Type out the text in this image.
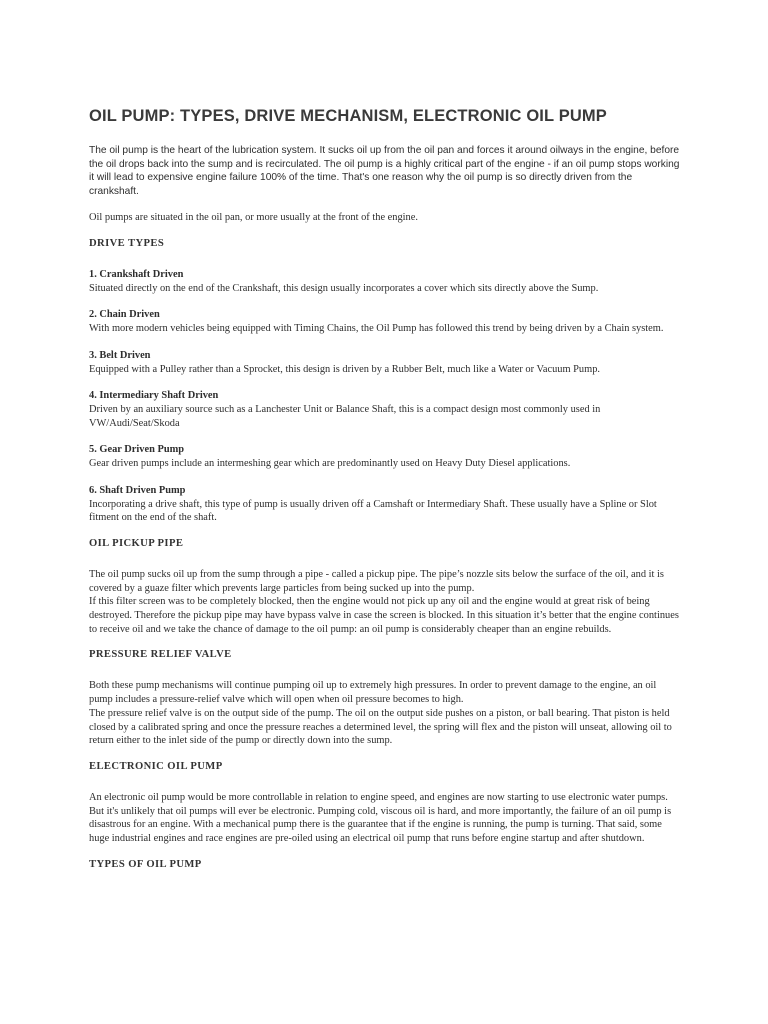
OIL PUMP: TYPES, DRIVE MECHANISM, ELECTRONIC OIL PUMP

The oil pump is the heart of the lubrication system. It sucks oil up from the oil pan and forces it around oilways in the engine, before the oil drops back into the sump and is recirculated. The oil pump is a highly critical part of the engine - if an oil pump stops working it will lead to expensive engine failure 100% of the time. That's one reason why the oil pump is so directly driven from the crankshaft.

Oil pumps are situated in the oil pan, or more usually at the front of the engine.

DRIVE TYPES
1. Crankshaft Driven
Situated directly on the end of the Crankshaft, this design usually incorporates a cover which sits directly above the Sump.
2. Chain Driven
With more modern vehicles being equipped with Timing Chains, the Oil Pump has followed this trend by being driven by a Chain system.
3. Belt Driven
Equipped with a Pulley rather than a Sprocket, this design is driven by a Rubber Belt, much like a Water or Vacuum Pump.
4. Intermediary Shaft Driven
Driven by an auxiliary source such as a Lanchester Unit or Balance Shaft, this is a compact design most commonly used in VW/Audi/Seat/Skoda
5. Gear Driven Pump
Gear driven pumps include an intermeshing gear which are predominantly used on Heavy Duty Diesel applications.
6. Shaft Driven Pump
Incorporating a drive shaft, this type of pump is usually driven off a Camshaft or Intermediary Shaft. These usually have a Spline or Slot fitment on the end of the shaft.
OIL PICKUP PIPE

The oil pump sucks oil up from the sump through a pipe - called a pickup pipe. The pipe’s nozzle sits below the surface of the oil, and it is covered by a guaze filter which prevents large particles from being sucked up into the pump.

If this filter screen was to be completely blocked, then the engine would not pick up any oil and the engine would at great risk of being destroyed. Therefore the pickup pipe may have bypass valve in case the screen is blocked. In this situation it’s better that the engine continues to receive oil and we take the chance of damage to the oil pump: an oil pump is considerably cheaper than an engine rebuilds.

PRESSURE RELIEF VALVE

Both these pump mechanisms will continue pumping oil up to extremely high pressures. In order to prevent damage to the engine, an oil pump includes a pressure-relief valve which will open when oil pressure becomes to high.

The pressure relief valve is on the output side of the pump. The oil on the output side pushes on a piston, or ball bearing. That piston is held closed by a calibrated spring and once the pressure reaches a determined level, the spring will flex and the piston will unseat, allowing oil to return either to the inlet side of the pump or directly down into the sump.

ELECTRONIC OIL PUMP

An electronic oil pump would be more controllable in relation to engine speed, and engines are now starting to use electronic water pumps. But it's unlikely that oil pumps will ever be electronic. Pumping cold, viscous oil is hard, and more importantly, the failure of an oil pump is disastrous for an engine. With a mechanical pump there is the guarantee that if the engine is running, the pump is turning. That said, some huge industrial engines and race engines are pre-oiled using an electrical oil pump that runs before engine startup and after shutdown.

TYPES OF OIL PUMP
